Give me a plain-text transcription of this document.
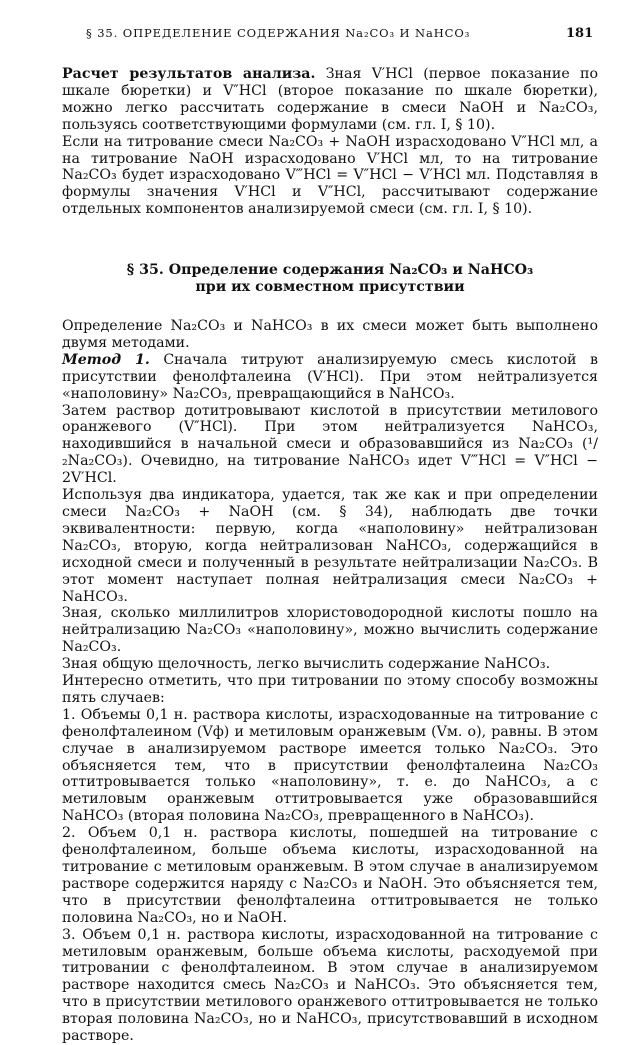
§ 35. ОПРЕДЕЛЕНИЕ СОДЕРЖАНИЯ Na₂CO₃ И NaHCO₃	181

Расчет результатов анализа. Зная V′HCl (первое показание по шкале бюретки) и V″HCl (второе показание по шкале бюретки), можно легко рассчитать содержание в смеси NaOH и Na₂CO₃, пользуясь соответствующими формулами (см. гл. I, § 10).

Если на титрование смеси Na₂CO₃ + NaOH израсходовано V″HCl мл, а на титрование NaOH израсходовано V′HCl мл, то на титрование Na₂CO₃ будет израсходовано V‴HCl = V″HCl − V′HCl мл. Подставляя в формулы значения V′HCl и V″HCl, рассчитывают содержание отдельных компонентов анализируемой смеси (см. гл. I, § 10).

§ 35. Определение содержания Na₂CO₃ и NaHCO₃
при их совместном присутствии

Определение Na₂CO₃ и NaHCO₃ в их смеси может быть выполнено двумя методами.

Метод 1. Сначала титруют анализируемую смесь кислотой в присутствии фенолфталеина (V′HCl). При этом нейтрализуется «наполовину» Na₂CO₃, превращающийся в NaHCO₃.

Затем раствор дотитровывают кислотой в присутствии метилового оранжевого (V″HCl). При этом нейтрализуется NaHCO₃, находившийся в начальной смеси и образовавшийся из Na₂CO₃ (¹/₂Na₂CO₃). Очевидно, на титрование NaHCO₃ идет V‴HCl = V″HCl − 2V′HCl.

Используя два индикатора, удается, так же как и при определении смеси Na₂CO₃ + NaOH (см. § 34), наблюдать две точки эквивалентности: первую, когда «наполовину» нейтрализован Na₂CO₃, вторую, когда нейтрализован NaHCO₃, содержащийся в исходной смеси и полученный в результате нейтрализации Na₂CO₃. В этот момент наступает полная нейтрализация смеси Na₂CO₃ + NaHCO₃.

Зная, сколько миллилитров хлористоводородной кислоты пошло на нейтрализацию Na₂CO₃ «наполовину», можно вычислить содержание Na₂CO₃.

Зная общую щелочность, легко вычислить содержание NaHCO₃.

Интересно отметить, что при титровании по этому способу возможны пять случаев:

1. Объемы 0,1 н. раствора кислоты, израсходованные на титрование с фенолфталеином (Vф) и метиловым оранжевым (Vм. о), равны. В этом случае в анализируемом растворе имеется только Na₂CO₃. Это объясняется тем, что в присутствии фенолфталеина Na₂CO₃ оттитровывается только «наполовину», т. е. до NaHCO₃, а с метиловым оранжевым оттитровывается уже образовавшийся NaHCO₃ (вторая половина Na₂CO₃, превращенного в NaHCO₃).

2. Объем 0,1 н. раствора кислоты, пошедшей на титрование с фенолфталеином, больше объема кислоты, израсходованной на титрование с метиловым оранжевым. В этом случае в анализируемом растворе содержится наряду с Na₂CO₃ и NaOH. Это объясняется тем, что в присутствии фенолфталеина оттитровывается не только половина Na₂CO₃, но и NaOH.

3. Объем 0,1 н. раствора кислоты, израсходованной на титрование с метиловым оранжевым, больше объема кислоты, расходуемой при титровании с фенолфталеином. В этом случае в анализируемом растворе находится смесь Na₂CO₃ и NaHCO₃. Это объясняется тем, что в присутствии метилового оранжевого оттитровывается не только вторая половина Na₂CO₃, но и NaHCO₃, присутствовавший в исходном растворе.
